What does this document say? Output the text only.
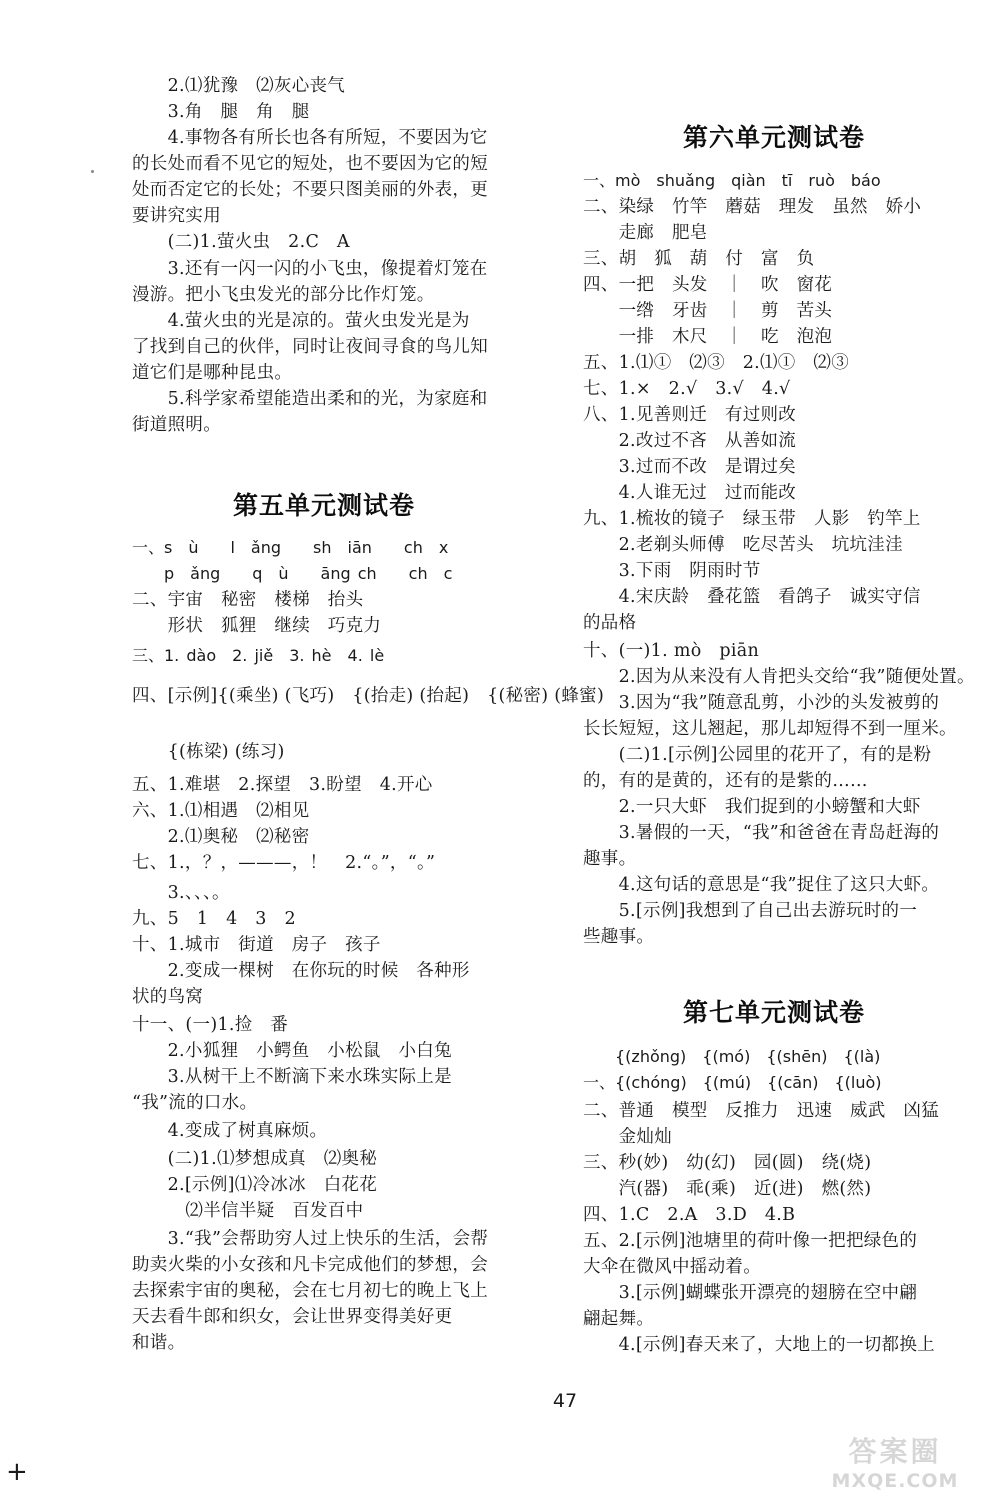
　　2.⑴犹豫　⑵灰心丧气
　　3.角　腿　角　腿
　　4.事物各有所长也各有所短，不要因为它
的长处而看不见它的短处，也不要因为它的短
处而否定它的长处；不要只图美丽的外表，更
要讲究实用
　　(二)1.萤火虫　2.C　A
　　3.还有一闪一闪的小飞虫，像提着灯笼在
漫游。把小飞虫发光的部分比作灯笼。
　　4.萤火虫的光是凉的。萤火虫发光是为
了找到自己的伙伴，同时让夜间寻食的鸟儿知
道它们是哪种昆虫。
　　5.科学家希望能造出柔和的光，为家庭和
街道照明。
一、s　ù　　l　ǎng　　sh　iān　　ch　x
　　p　ǎng　　q　ù　　āng ch　　ch　c
二、宇宙　秘密　楼梯　抬头
　　形状　狐狸　继续　巧克力
三、1. dào　2. jiě　3. hè　4. lè
四、[示例]{(乘坐) (飞巧)　{(抬走) (抬起)　{(秘密) (蜂蜜)
　　{(栋梁) (练习)
五、1.难堪　2.探望　3.盼望　4.开心
六、1.⑴相遇　⑵相见
　　2.⑴奥秘　⑵秘密
七、1.，？，———，！　2.“。”，“。”
　　3.、、、。
九、5　1　4　3　2
十、1.城市　街道　房子　孩子
　　2.变成一棵树　在你玩的时候　各种形
状的鸟窝
十一、(一)1.捡　番
　　2.小狐狸　小鳄鱼　小松鼠　小白兔
　　3.从树干上不断滴下来水珠实际上是
“我”流的口水。
　　4.变成了树真麻烦。
　　(二)1.⑴梦想成真　⑵奥秘
　　2.[示例]⑴冷冰冰　白花花
　　　⑵半信半疑　百发百中
　　3.“我”会帮助穷人过上快乐的生活，会帮
助卖火柴的小女孩和凡卡完成他们的梦想，会
去探索宇宙的奥秘，会在七月初七的晚上飞上
天去看牛郎和织女，会让世界变得美好更
和谐。
一、mò　shuǎng　qiàn　tī　ruò　báo
二、染绿　竹竿　蘑菇　理发　虽然　娇小
　　走廊　肥皂
三、胡　狐　葫　付　富　负
四、一把　头发　｜　吹　窗花
　　一绺　牙齿　｜　剪　苦头
　　一排　木尺　｜　吃　泡泡
五、1.⑴①　⑵③　2.⑴①　⑵③
七、1.×　2.√　3.√　4.√
八、1.见善则迁　有过则改
　　2.改过不吝　从善如流
　　3.过而不改　是谓过矣
　　4.人谁无过　过而能改
九、1.梳妆的镜子　绿玉带　人影　钓竿上
　　2.老剃头师傅　吃尽苦头　坑坑洼洼
　　3.下雨　阴雨时节
　　4.宋庆龄　叠花篮　看鸽子　诚实守信
的品格
十、(一)1. mò　piān
　　2.因为从来没有人肯把头交给“我”随便处置。
　　3.因为“我”随意乱剪，小沙的头发被剪的
长长短短，这儿翘起，那儿却短得不到一厘米。
　　(二)1.[示例]公园里的花开了，有的是粉
的，有的是黄的，还有的是紫的……
　　2.一只大虾　我们捉到的小螃蟹和大虾
　　3.暑假的一天，“我”和爸爸在青岛赶海的
趣事。
　　4.这句话的意思是“我”捉住了这只大虾。
　　5.[示例]我想到了自己出去游玩时的一
些趣事。
　　{(zhǒng)　{(mó)　{(shēn)　{(là)
一、{(chóng)　{(mú)　{(cān)　{(luò)
二、普通　模型　反推力　迅速　威武　凶猛
　　金灿灿
三、秒(妙)　幼(幻)　园(圆)　绕(烧)
　　汽(器)　乖(乘)　近(进)　燃(然)
四、1.C　2.A　3.D　4.B
五、2.[示例]池塘里的荷叶像一把把绿色的
大伞在微风中摇动着。
　　3.[示例]蝴蝶张开漂亮的翅膀在空中翩
翩起舞。
　　4.[示例]春天来了，大地上的一切都换上
第五单元测试卷
第六单元测试卷
第七单元测试卷
47
+
答案圈
MXQE.COM
